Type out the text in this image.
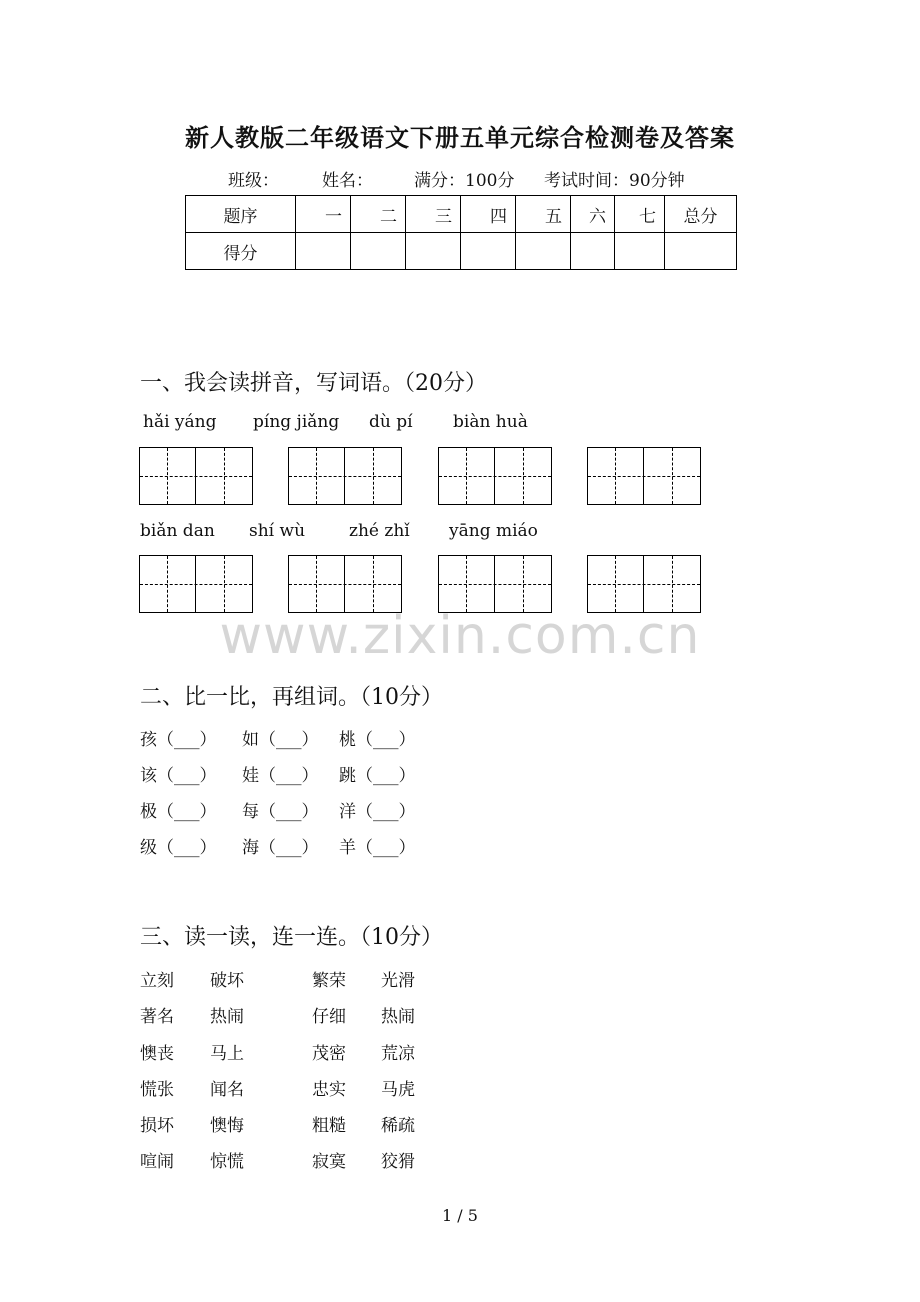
新人教版二年级语文下册五单元综合检测卷及答案
班级：	姓名： 满分：100分 考试时间：90分钟
题序	一	二	三	四	五	六	七	总分
得分								
一、我会读拼音，写词语。（20分）
hǎi yáng píng jiǎng dù pí biàn huà
biǎn dan shí wù	zhé zhǐ yāng miáo
www.zixin.com.cn
二、比一比，再组词。（10分）
孩（___） 如（___） 桃（___）
该（___） 娃（___） 跳（___）
极（___） 每（___） 洋（___）
级（___） 海（___） 羊（___）
三、读一读，连一连。（10分）
立刻 破坏	繁荣 光滑
著名 热闹	仔细 热闹
懊丧 马上	茂密 荒凉
慌张 闻名	忠实 马虎
损坏 懊悔	粗糙 稀疏
喧闹 惊慌	寂寞 狡猾
1 / 5
